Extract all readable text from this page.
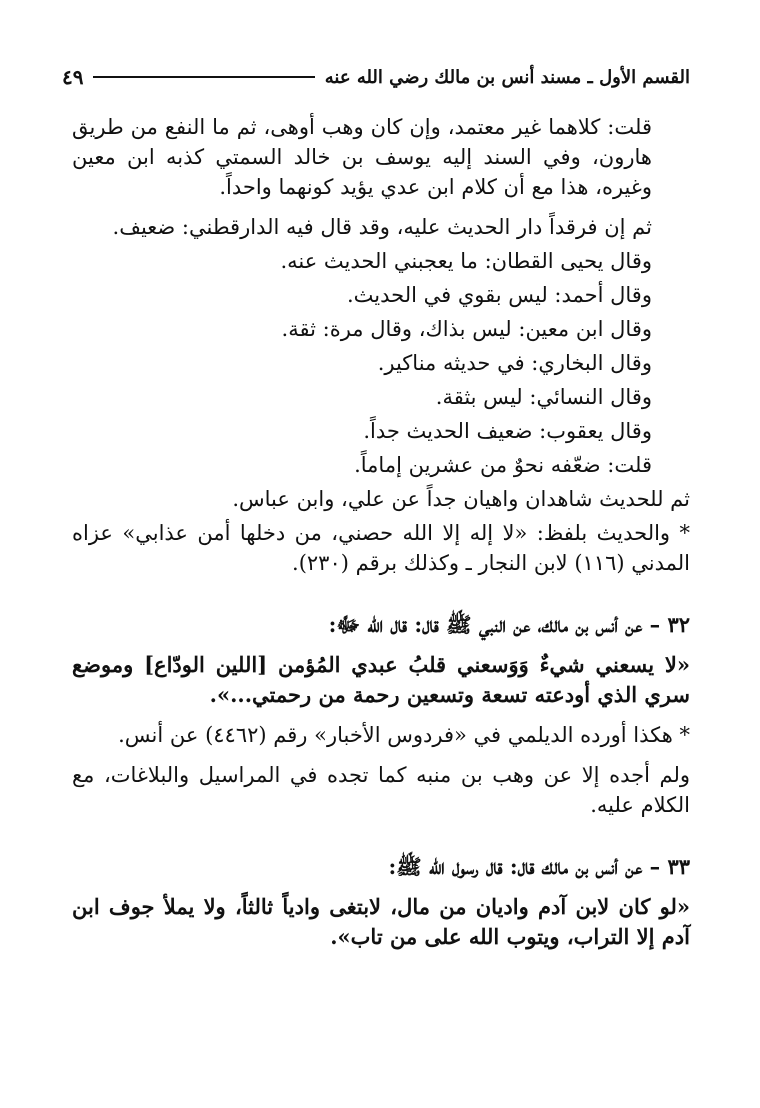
القسم الأول ـ مسند أنس بن مالك رضي الله عنه
٤٩

قلت: كلاهما غير معتمد، وإن كان وهب أوهى، ثم ما النفع من طريق هارون، وفي السند إليه يوسف بن خالد السمتي كذبه ابن معين وغيره، هذا مع أن كلام ابن عدي يؤيد كونهما واحداً.

ثم إن فرقداً دار الحديث عليه، وقد قال فيه الدارقطني: ضعيف.

وقال يحيى القطان: ما يعجبني الحديث عنه.

وقال أحمد: ليس بقوي في الحديث.

وقال ابن معين: ليس بذاك، وقال مرة: ثقة.

وقال البخاري: في حديثه مناكير.

وقال النسائي: ليس بثقة.

وقال يعقوب: ضعيف الحديث جداً.

قلت: ضعّفه نحوٌ من عشرين إماماً.

ثم للحديث شاهدان واهيان جداً عن علي، وابن عباس.

* والحديث بلفظ: «لا إله إلا الله حصني، من دخلها أمن عذابي» عزاه المدني (١١٦) لابن النجار ـ وكذلك برقم (٢٣٠).

٣٢ – عن أنس بن مالك، عن النبي ﷺ قال: قال الله ﷻ:

«لا يسعني شيءٌ وَوَسعني قلبُ عبدي المُؤمن [اللين الودّاع] وموضع سري الذي أودعته تسعة وتسعين رحمة من رحمتي...».

* هكذا أورده الديلمي في «فردوس الأخبار» رقم (٤٤٦٢) عن أنس.

ولم أجده إلا عن وهب بن منبه كما تجده في المراسيل والبلاغات، مع الكلام عليه.

٣٣ – عن أنس بن مالك قال: قال رسول الله ﷺ:

«لو كان لابن آدم واديان من مال، لابتغى وادياً ثالثاً، ولا يملأ جوف ابن آدم إلا التراب، ويتوب الله على من تاب».
